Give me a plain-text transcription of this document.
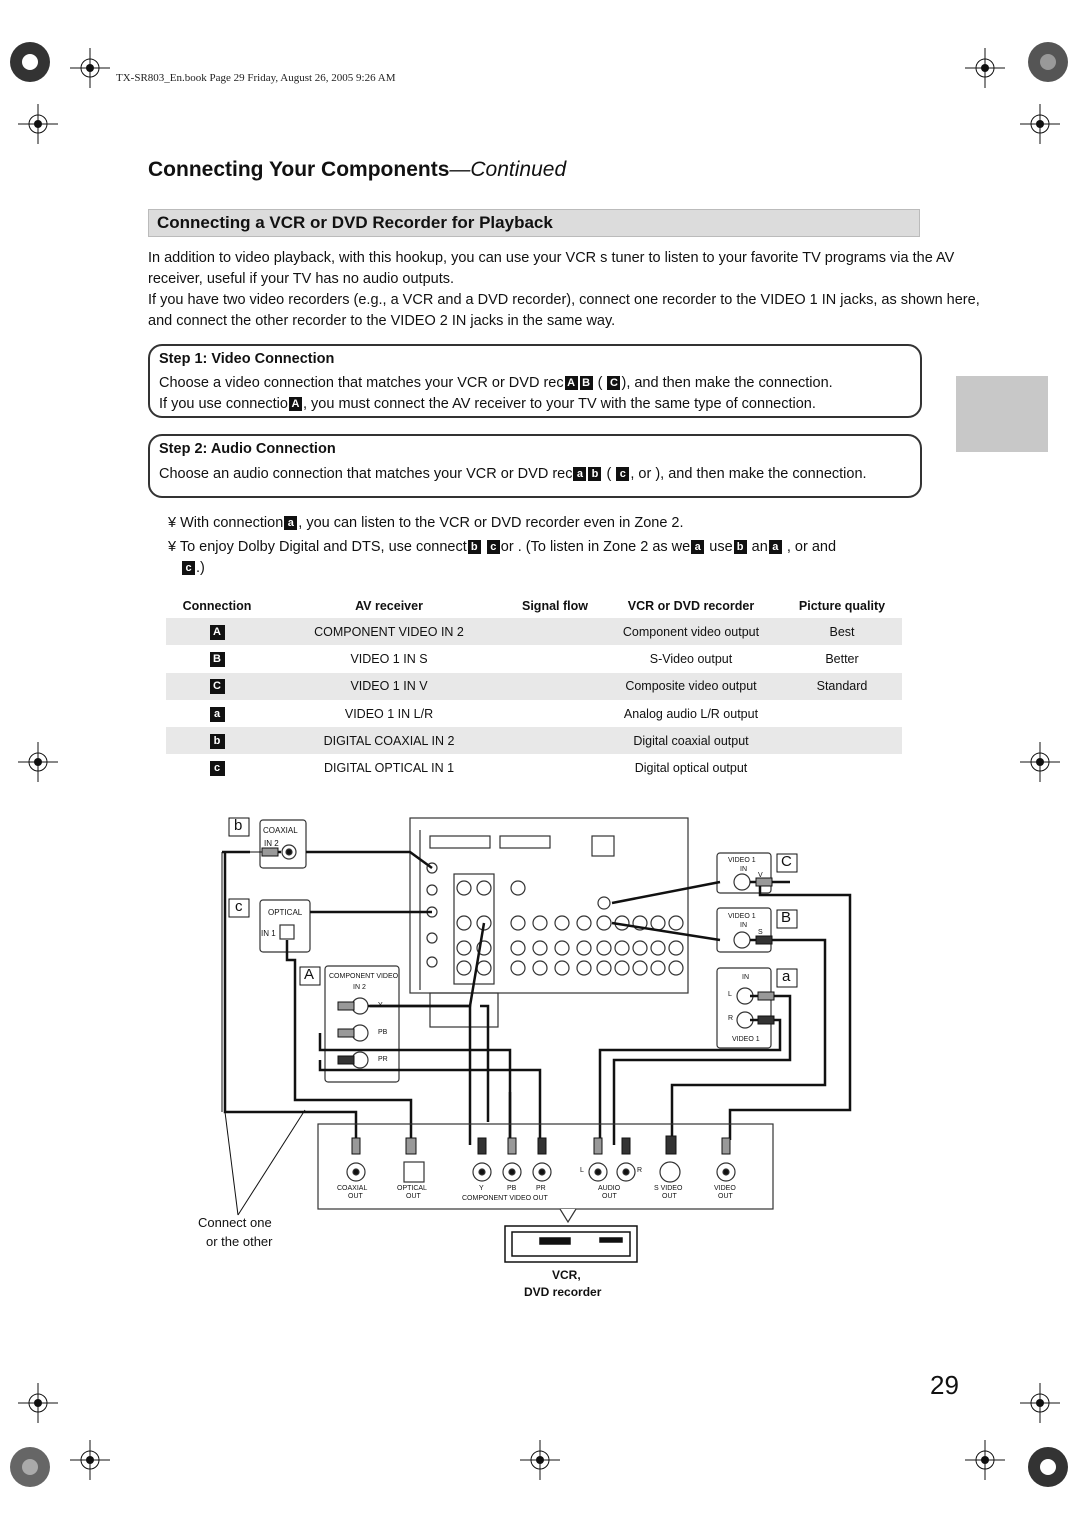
TX-SR803_En.book Page 29 Friday, August 26, 2005 9:26 AM
Connecting Your Components—Continued
Connecting a VCR or DVD Recorder for Playback
In addition to video playback, with this hookup, you can use your VCR s tuner to listen to your favorite TV programs via the AV receiver, useful if your TV has no audio outputs.
If you have two video recorders (e.g., a VCR and a DVD recorder), connect one recorder to the VIDEO 1 IN jacks, as shown here, and connect the other recorder to the VIDEO 2 IN jacks in the same way.
Step 1: Video Connection
Choose a video connection that matches your VCR or DVD rec A B ( C ), and then make the connection.
If you use connectio A , you must connect the AV receiver to your TV with the same type of connection.
Step 2: Audio Connection
Choose an audio connection that matches your VCR or DVD rec a b ( c , or ), and then make the connection.
¥ With connection a , you can listen to the VCR or DVD recorder even in Zone 2.
¥ To enjoy Dolby Digital and DTS, use connect b c or . (To listen in Zone 2 as we a use b an a , or and
c .)
Connection	AV receiver	Signal flow	VCR or DVD recorder	Picture quality
A	COMPONENT VIDEO IN 2		Component video output	Best
B	VIDEO 1 IN S		S-Video output	Better
C	VIDEO 1 IN V		Composite video output	Standard
a	VIDEO 1 IN L/R		Analog audio L/R output	
b	DIGITAL COAXIAL IN 2		Digital coaxial output	
c	DIGITAL OPTICAL IN 1		Digital optical output	
b
c
A
C
B
a
COAXIAL
IN 2
OPTICAL
IN 1
COMPONENT VIDEO
IN 2
Y
PB
PR
VIDEO 1
IN
V
VIDEO 1
IN
S
IN
L
R
VIDEO 1
COAXIAL
OUT
OPTICAL
OUT
Y	PB	PR
COMPONENT VIDEO OUT
L	R
AUDIO
OUT
S VIDEO
OUT
VIDEO
OUT
Connect one
or the other
VCR,
DVD recorder
29
